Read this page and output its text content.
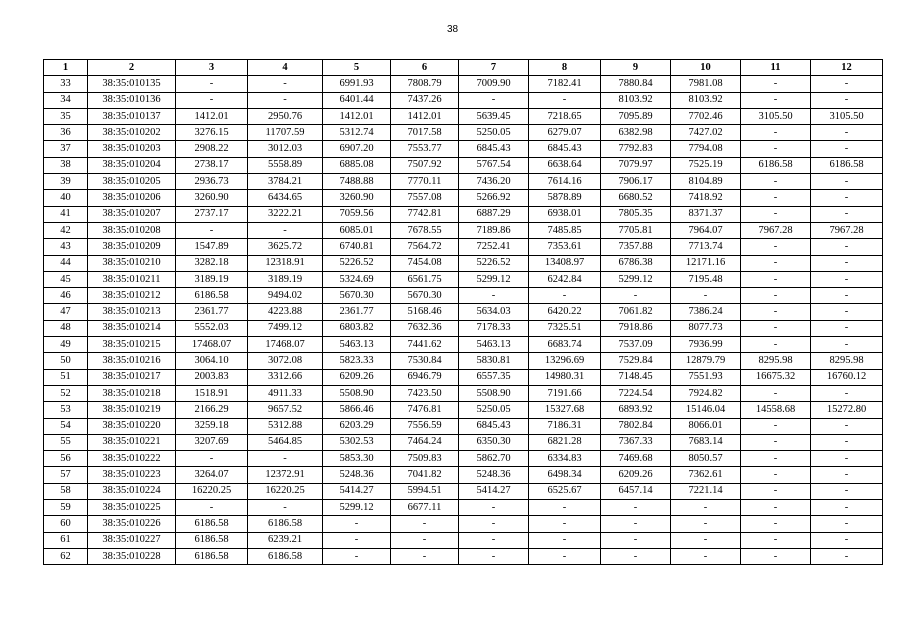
38
1	2	3	4	5	6	7	8	9	10	11	12
33	38:35:010135	-	-	6991.93	7808.79	7009.90	7182.41	7880.84	7981.08	-	-
34	38:35:010136	-	-	6401.44	7437.26	-	-	8103.92	8103.92	-	-
35	38:35:010137	1412.01	2950.76	1412.01	1412.01	5639.45	7218.65	7095.89	7702.46	3105.50	3105.50
36	38:35:010202	3276.15	11707.59	5312.74	7017.58	5250.05	6279.07	6382.98	7427.02	-	-
37	38:35:010203	2908.22	3012.03	6907.20	7553.77	6845.43	6845.43	7792.83	7794.08	-	-
38	38:35:010204	2738.17	5558.89	6885.08	7507.92	5767.54	6638.64	7079.97	7525.19	6186.58	6186.58
39	38:35:010205	2936.73	3784.21	7488.88	7770.11	7436.20	7614.16	7906.17	8104.89	-	-
40	38:35:010206	3260.90	6434.65	3260.90	7557.08	5266.92	5878.89	6680.52	7418.92	-	-
41	38:35:010207	2737.17	3222.21	7059.56	7742.81	6887.29	6938.01	7805.35	8371.37	-	-
42	38:35:010208	-	-	6085.01	7678.55	7189.86	7485.85	7705.81	7964.07	7967.28	7967.28
43	38:35:010209	1547.89	3625.72	6740.81	7564.72	7252.41	7353.61	7357.88	7713.74	-	-
44	38:35:010210	3282.18	12318.91	5226.52	7454.08	5226.52	13408.97	6786.38	12171.16	-	-
45	38:35:010211	3189.19	3189.19	5324.69	6561.75	5299.12	6242.84	5299.12	7195.48	-	-
46	38:35:010212	6186.58	9494.02	5670.30	5670.30	-	-	-	-	-	-
47	38:35:010213	2361.77	4223.88	2361.77	5168.46	5634.03	6420.22	7061.82	7386.24	-	-
48	38:35:010214	5552.03	7499.12	6803.82	7632.36	7178.33	7325.51	7918.86	8077.73	-	-
49	38:35:010215	17468.07	17468.07	5463.13	7441.62	5463.13	6683.74	7537.09	7936.99	-	-
50	38:35:010216	3064.10	3072.08	5823.33	7530.84	5830.81	13296.69	7529.84	12879.79	8295.98	8295.98
51	38:35:010217	2003.83	3312.66	6209.26	6946.79	6557.35	14980.31	7148.45	7551.93	16675.32	16760.12
52	38:35:010218	1518.91	4911.33	5508.90	7423.50	5508.90	7191.66	7224.54	7924.82	-	-
53	38:35:010219	2166.29	9657.52	5866.46	7476.81	5250.05	15327.68	6893.92	15146.04	14558.68	15272.80
54	38:35:010220	3259.18	5312.88	6203.29	7556.59	6845.43	7186.31	7802.84	8066.01	-	-
55	38:35:010221	3207.69	5464.85	5302.53	7464.24	6350.30	6821.28	7367.33	7683.14	-	-
56	38:35:010222	-	-	5853.30	7509.83	5862.70	6334.83	7469.68	8050.57	-	-
57	38:35:010223	3264.07	12372.91	5248.36	7041.82	5248.36	6498.34	6209.26	7362.61	-	-
58	38:35:010224	16220.25	16220.25	5414.27	5994.51	5414.27	6525.67	6457.14	7221.14	-	-
59	38:35:010225	-	-	5299.12	6677.11	-	-	-	-	-	-
60	38:35:010226	6186.58	6186.58	-	-	-	-	-	-	-	-
61	38:35:010227	6186.58	6239.21	-	-	-	-	-	-	-	-
62	38:35:010228	6186.58	6186.58	-	-	-	-	-	-	-	-
